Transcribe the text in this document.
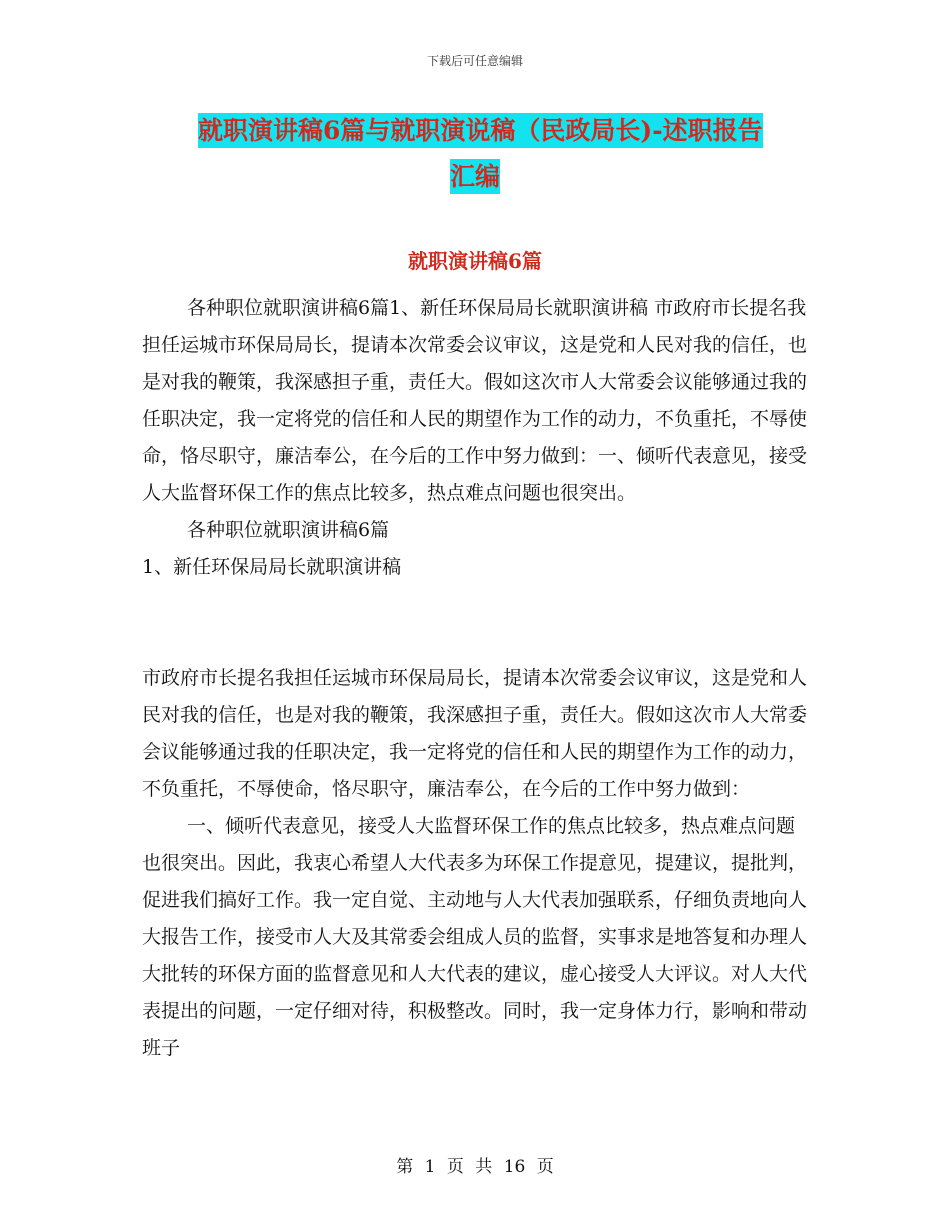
下载后可任意编辑
就职演讲稿6篇与就职演说稿（民政局长)-述职报告
汇编
就职演讲稿6篇

各种职位就职演讲稿6篇1、新任环保局局长就职演讲稿 市政府市长提名我担任运城市环保局局长，提请本次常委会议审议，这是党和人民对我的信任，也是对我的鞭策，我深感担子重，责任大。假如这次市人大常委会议能够通过我的任职决定，我一定将党的信任和人民的期望作为工作的动力，不负重托，不辱使命，恪尽职守，廉洁奉公，在今后的工作中努力做到：一、倾听代表意见，接受人大监督环保工作的焦点比较多，热点难点问题也很突出。

各种职位就职演讲稿6篇

1、新任环保局局长就职演讲稿

市政府市长提名我担任运城市环保局局长，提请本次常委会议审议，这是党和人民对我的信任，也是对我的鞭策，我深感担子重，责任大。假如这次市人大常委会议能够通过我的任职决定，我一定将党的信任和人民的期望作为工作的动力，不负重托，不辱使命，恪尽职守，廉洁奉公，在今后的工作中努力做到：

一、倾听代表意见，接受人大监督环保工作的焦点比较多，热点难点问题也很突出。因此，我衷心希望人大代表多为环保工作提意见，提建议，提批判，促进我们搞好工作。我一定自觉、主动地与人大代表加强联系，仔细负责地向人大报告工作，接受市人大及其常委会组成人员的监督，实事求是地答复和办理人大批转的环保方面的监督意见和人大代表的建议，虚心接受人大评议。对人大代表提出的问题，一定仔细对待，积极整改。同时，我一定身体力行，影响和带动班子

第 1 页 共 16 页
